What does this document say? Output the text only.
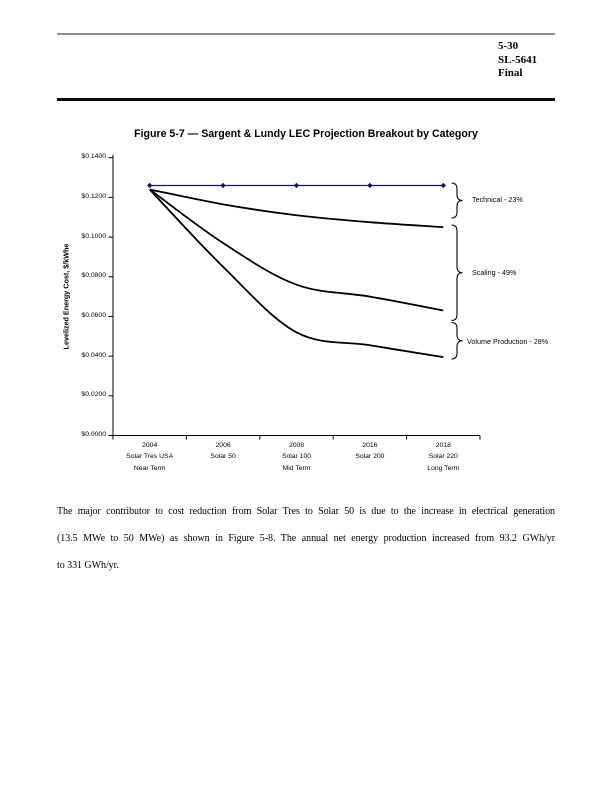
5-30
SL-5641
Final
Figure 5-7 — Sargent & Lundy LEC Projection Breakout by Category
Levelized Energy Cost, $/kWhe
$0.1400
$0.1200
$0.1000
$0.0800
$0.0600
$0.0400
$0.0200
$0.0000
2004
Solar Tres USA
Near Term
2006
Solar 50
2008
Solar 100
Mid Term
2016
Solar 200
2018
Solar 220
Long Term
Technical - 23%
Scaling - 49%
Volume Production - 28%
The major contributor to cost reduction from Solar Tres to Solar 50 is due to the increase in electrical generation
(13.5 MWe to 50 MWe) as shown in Figure 5-8. The annual net energy production increased from 93.2 GWh/yr
to 331 GWh/yr.
